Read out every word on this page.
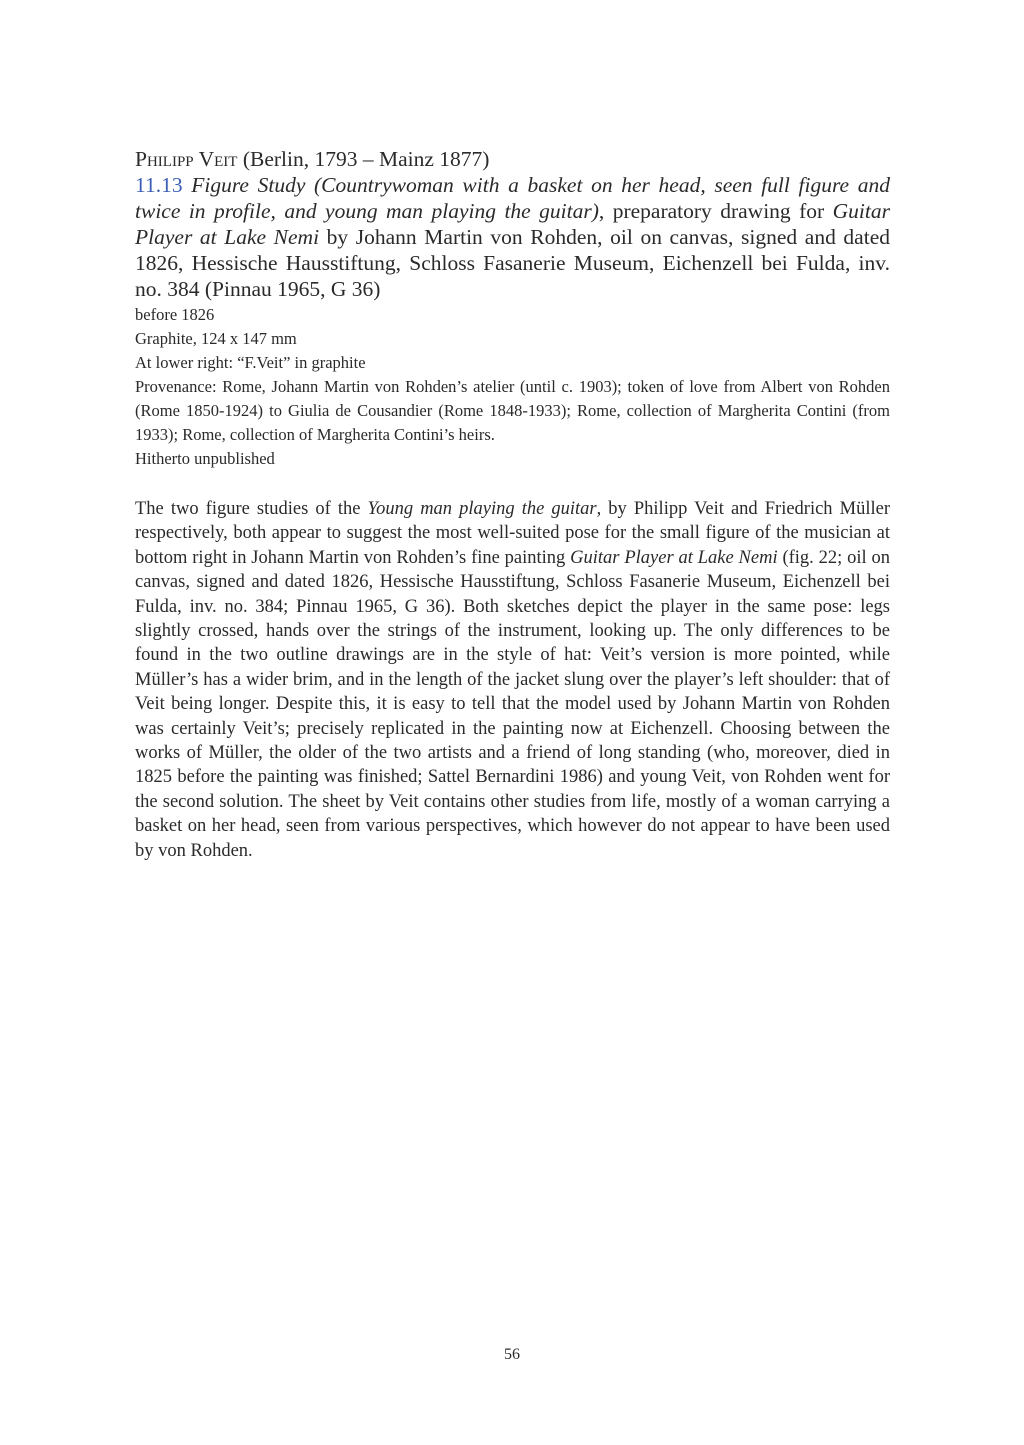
Philipp Veit (Berlin, 1793 – Mainz 1877)
11.13 Figure Study (Countrywoman with a basket on her head, seen full figure and twice in profile, and young man playing the guitar), preparatory drawing for Guitar Player at Lake Nemi by Johann Martin von Rohden, oil on canvas, signed and dated 1826, Hessische Hausstiftung, Schloss Fasanerie Museum, Eichenzell bei Fulda, inv. no. 384 (Pinnau 1965, G 36)
before 1826
Graphite, 124 x 147 mm
At lower right: “F.Veit” in graphite
Provenance: Rome, Johann Martin von Rohden’s atelier (until c. 1903); token of love from Albert von Rohden (Rome 1850-1924) to Giulia de Cousandier (Rome 1848-1933); Rome, collection of Margherita Contini (from 1933); Rome, collection of Margherita Contini’s heirs.
Hitherto unpublished
The two figure studies of the Young man playing the guitar, by Philipp Veit and Friedrich Müller respectively, both appear to suggest the most well-suited pose for the small figure of the musician at bottom right in Johann Martin von Rohden’s fine painting Guitar Player at Lake Nemi (fig. 22; oil on canvas, signed and dated 1826, Hessische Hausstiftung, Schloss Fasanerie Museum, Eichenzell bei Fulda, inv. no. 384; Pinnau 1965, G 36). Both sketches depict the player in the same pose: legs slightly crossed, hands over the strings of the instrument, looking up. The only differences to be found in the two outline drawings are in the style of hat: Veit’s version is more pointed, while Müller’s has a wider brim, and in the length of the jacket slung over the player’s left shoulder: that of Veit being longer. Despite this, it is easy to tell that the model used by Johann Martin von Rohden was certainly Veit’s; precisely replicated in the painting now at Eichenzell. Choosing between the works of Müller, the older of the two artists and a friend of long standing (who, moreover, died in 1825 before the painting was finished; Sattel Bernardini 1986) and young Veit, von Rohden went for the second solution. The sheet by Veit contains other studies from life, mostly of a woman carrying a basket on her head, seen from various perspectives, which however do not appear to have been used by von Rohden.
56
